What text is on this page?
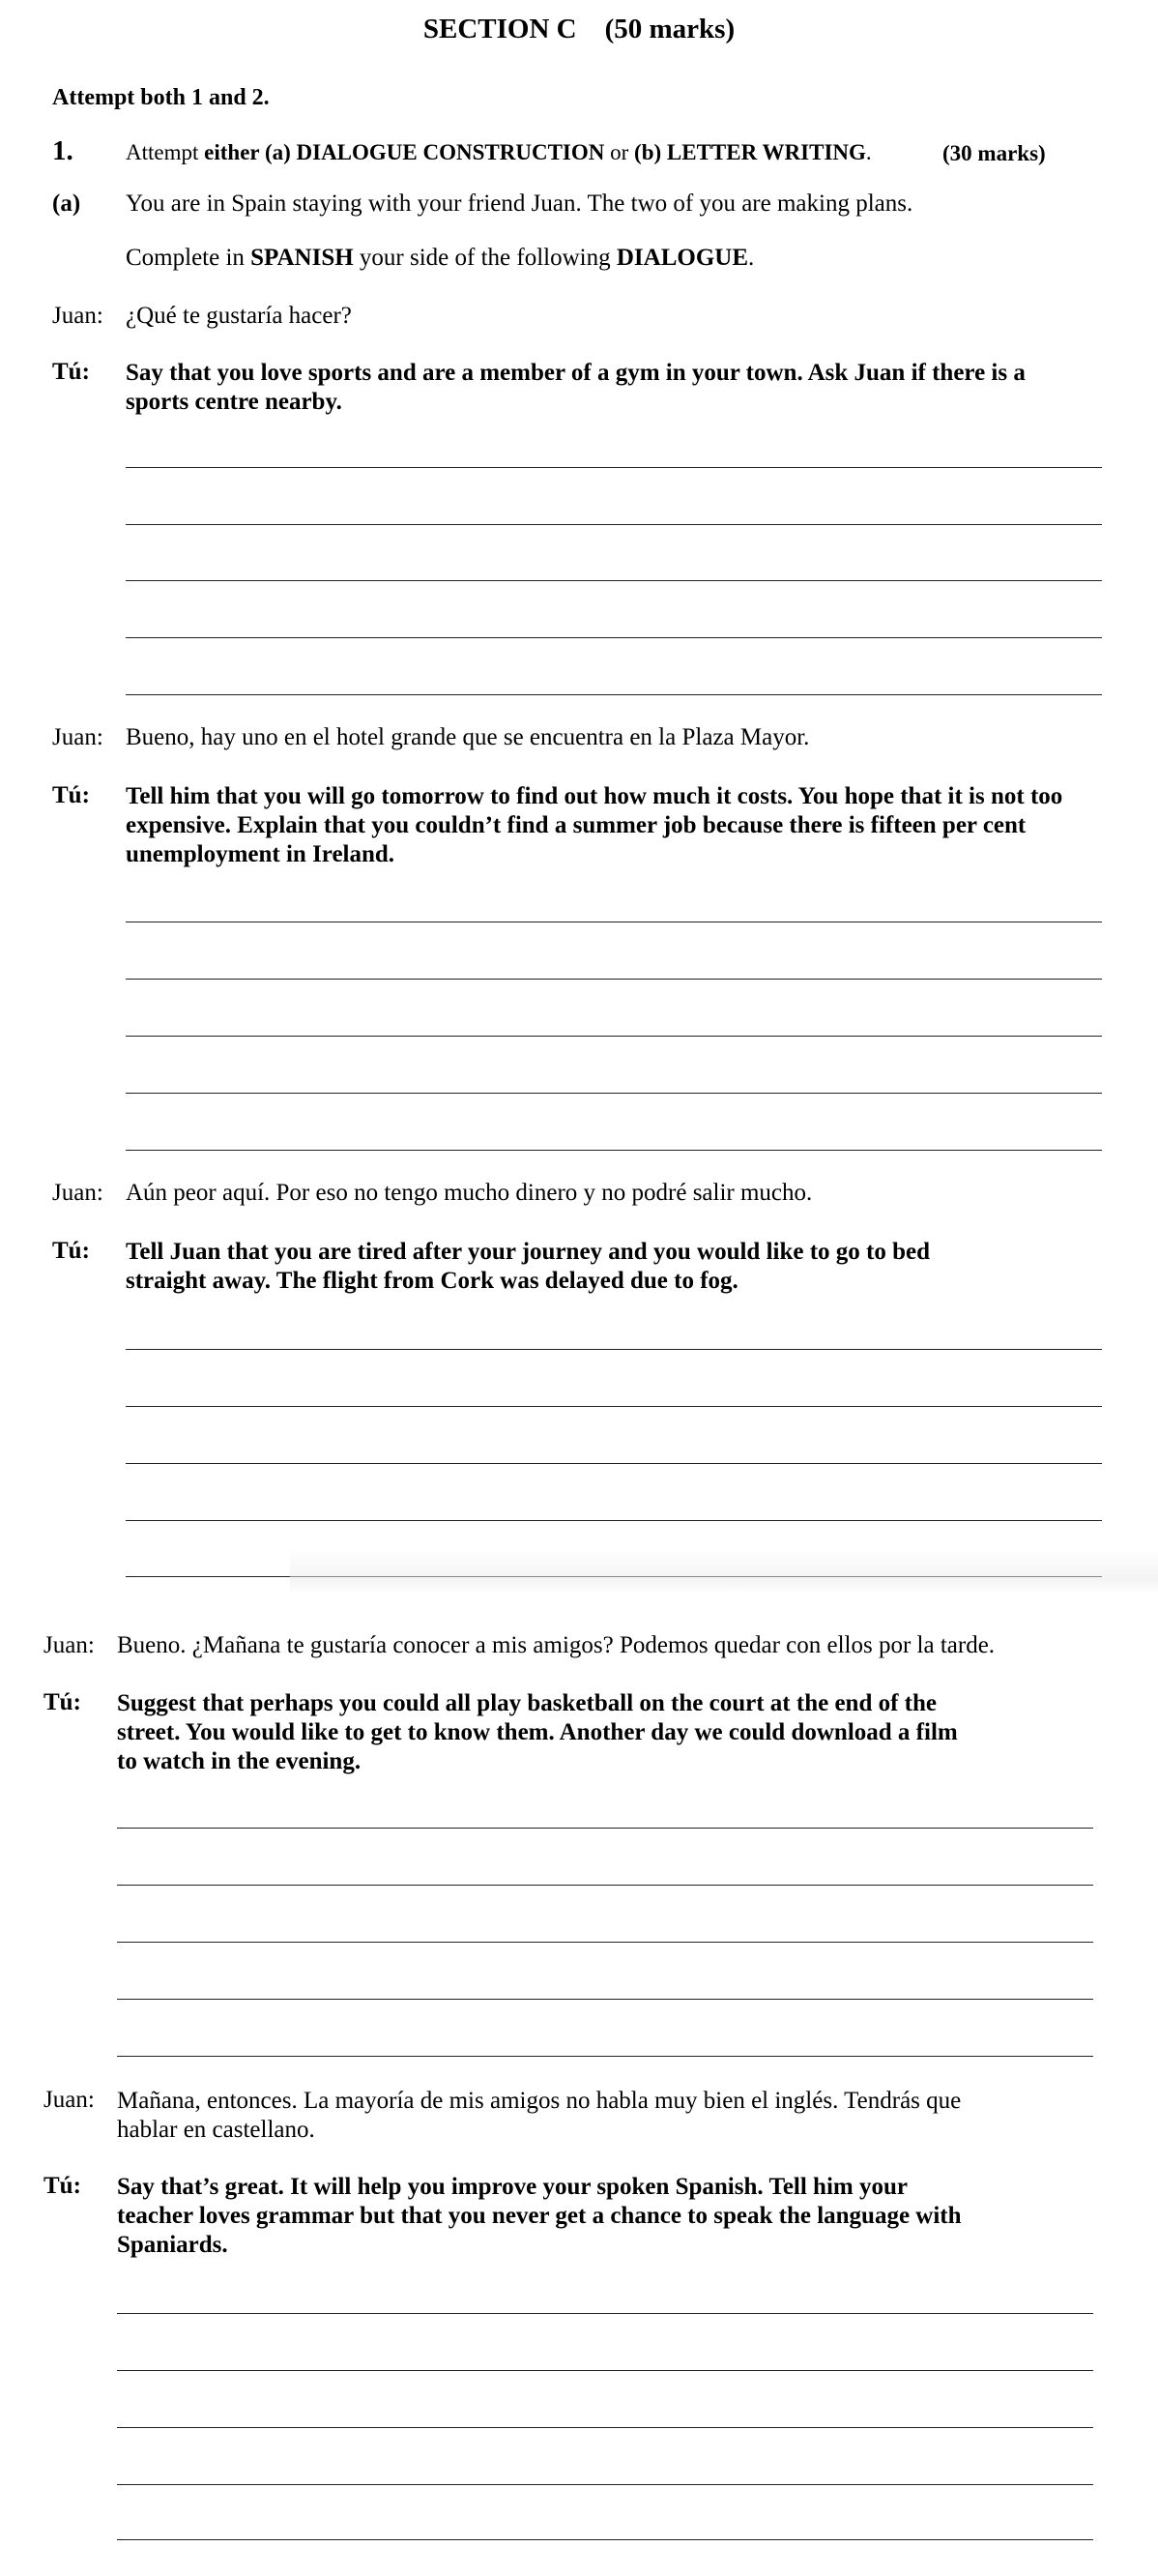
SECTION C    (50 marks)
Attempt both 1 and 2.
1. Attempt either (a) DIALOGUE CONSTRUCTION or (b) LETTER WRITING.	(30 marks)
(a) You are in Spain staying with your friend Juan. The two of you are making plans.
Complete in SPANISH your side of the following DIALOGUE.
Juan: ¿Qué te gustaría hacer?
Tú: Say that you love sports and are a member of a gym in your town. Ask Juan if there is a
sports centre nearby.
Juan: Bueno, hay uno en el hotel grande que se encuentra en la Plaza Mayor.
Tú: Tell him that you will go tomorrow to find out how much it costs. You hope that it is not too
expensive. Explain that you couldn’t find a summer job because there is fifteen per cent
unemployment in Ireland.
Juan: Aún peor aquí. Por eso no tengo mucho dinero y no podré salir mucho.
Tú: Tell Juan that you are tired after your journey and you would like to go to bed
straight away. The flight from Cork was delayed due to fog.
Juan: Bueno. ¿Mañana te gustaría conocer a mis amigos? Podemos quedar con ellos por la tarde.
Tú: Suggest that perhaps you could all play basketball on the court at the end of the
street. You would like to get to know them. Another day we could download a film
to watch in the evening.
Juan: Mañana, entonces. La mayoría de mis amigos no habla muy bien el inglés. Tendrás que
hablar en castellano.
Tú: Say that’s great. It will help you improve your spoken Spanish. Tell him your
teacher loves grammar but that you never get a chance to speak the language with
Spaniards.
